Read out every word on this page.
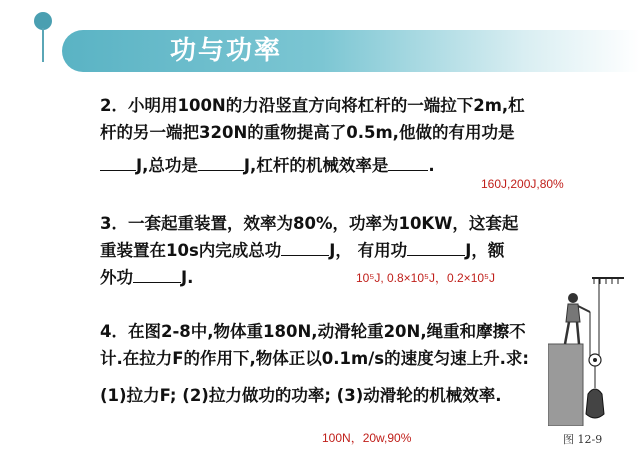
功与功率
2．小明用100N的力沿竖直方向将杠杆的一端拉下2m,杠
杆的另一端把320N的重物提高了0.5m,他做的有用功是
J,总功是	J,杠杆的机械效率是 .
160J,200J,80%
3．一套起重装置，效率为80%，功率为10KW，这套起
重装置在10s内完成总功	J， 有用功	J，额
外功	J.	10⁵J, 0.8×10⁵J，0.2×10⁵J
4．在图2-8中,物体重180N,动滑轮重20N,绳重和摩擦不
计.在拉力F的作用下,物体正以0.1m/s的速度匀速上升.求:
(1)拉力F; (2)拉力做功的功率; (3)动滑轮的机械效率.
100N，20w,90%	图 12-9
